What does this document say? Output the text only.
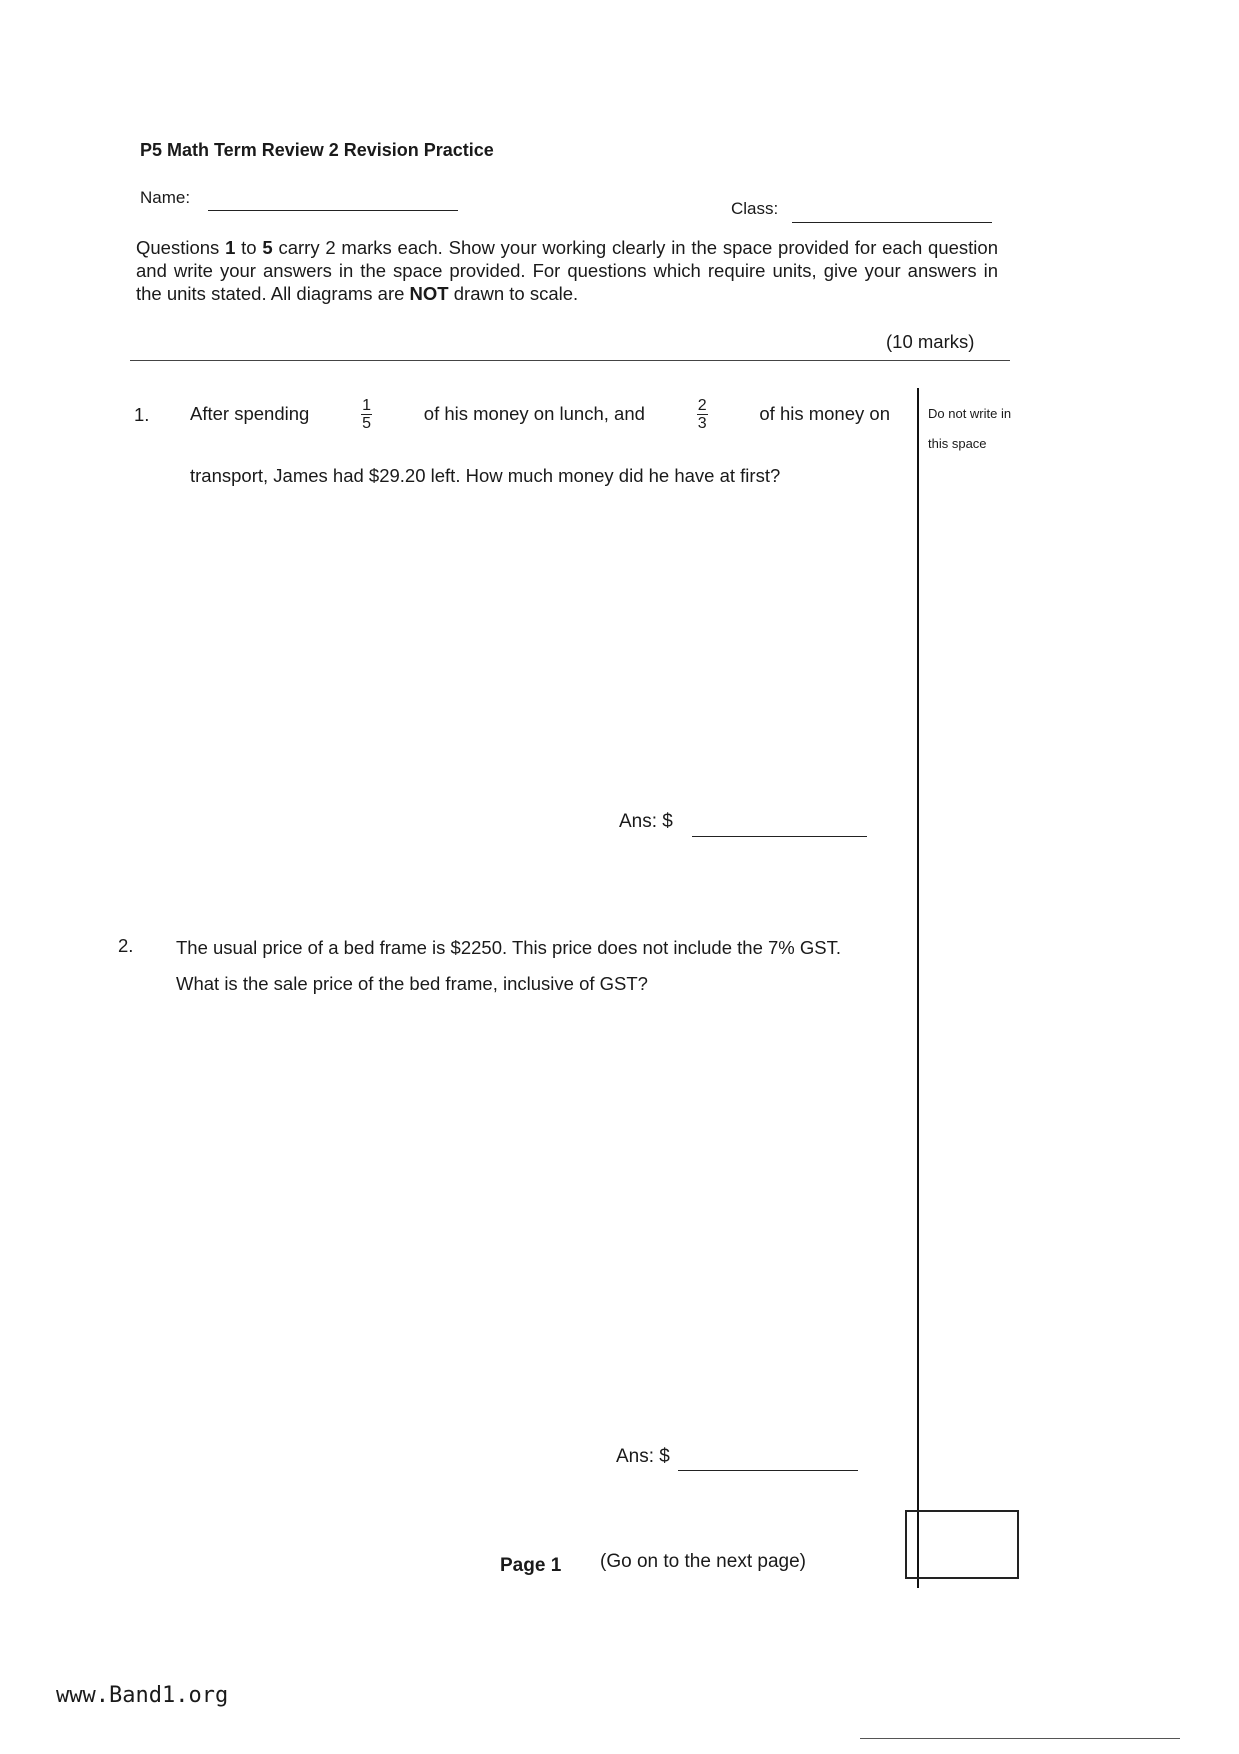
P5 Math Term Review 2 Revision Practice
Name:
Class:
Questions 1 to 5 carry 2 marks each. Show your working clearly in the space provided for each question and write your answers in the space provided. For questions which require units, give your answers in the units stated. All diagrams are NOT drawn to scale.
(10 marks)
Do not write in
this space
1. After spending	$\frac{1}{5}$	of his money on lunch, and	$\frac{2}{3}$	of his money on
transport, James had $29.20 left. How much money did he have at first?
Ans: $
2. The usual price of a bed frame is $2250. This price does not include the 7% GST. What is the sale price of the bed frame, inclusive of GST?
Ans: $
Page 1 (Go on to the next page)
www.Band1.org
